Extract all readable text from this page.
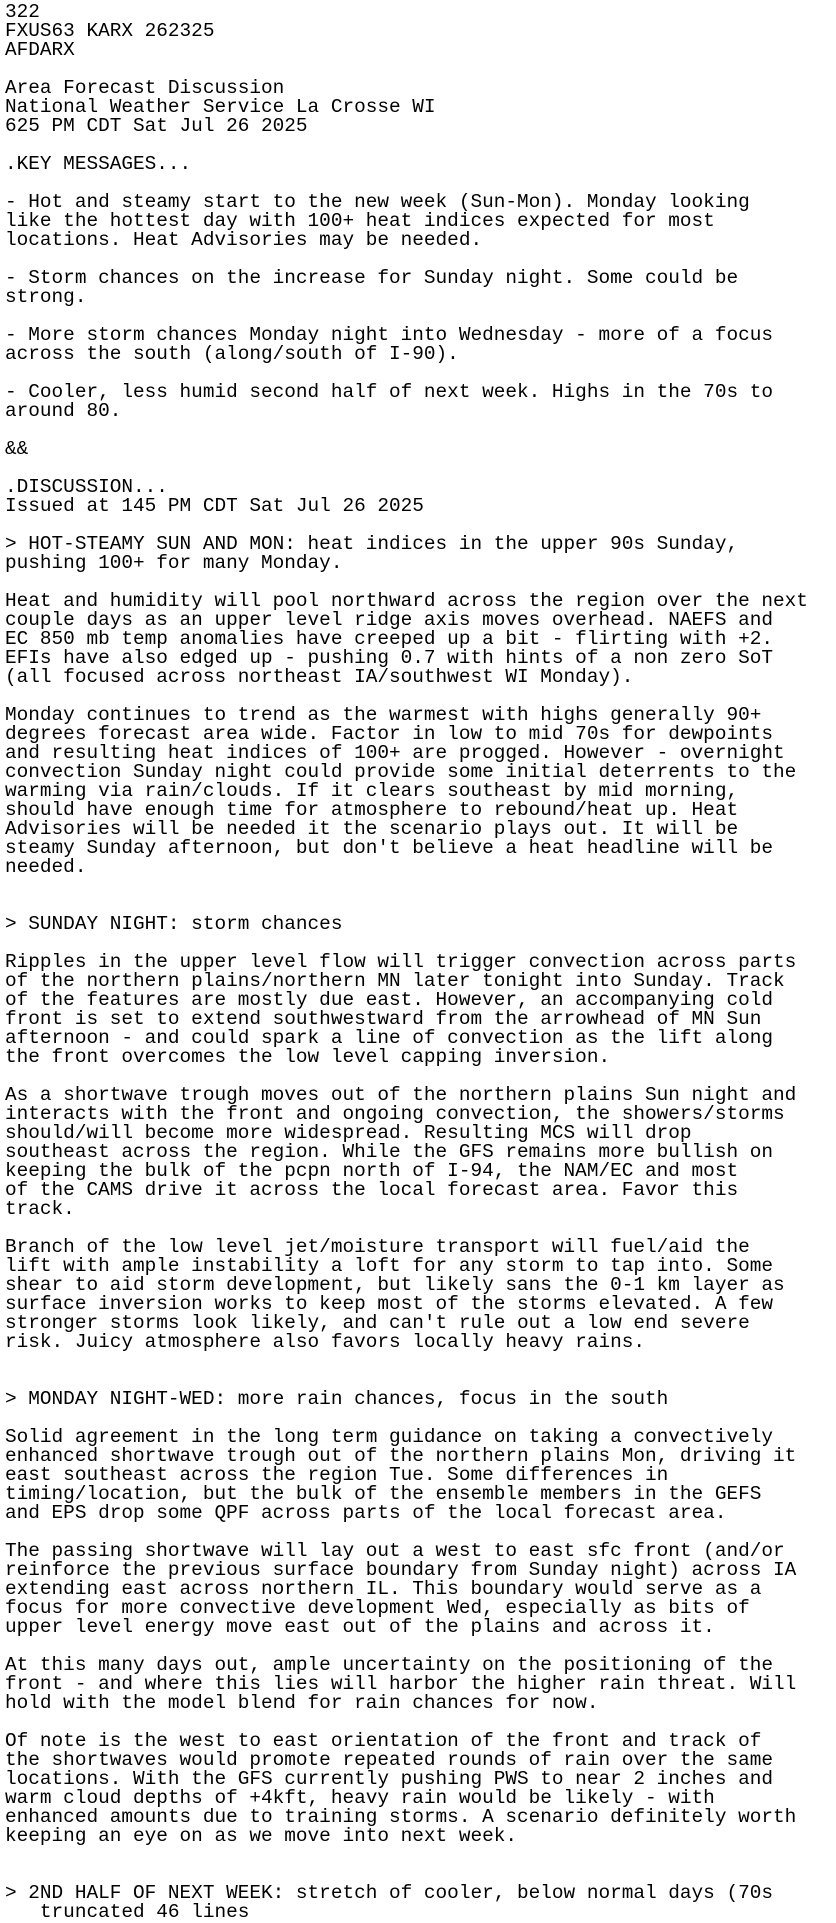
322
FXUS63 KARX 262325
AFDARX
Area Forecast Discussion
National Weather Service La Crosse WI
625 PM CDT Sat Jul 26 2025
.KEY MESSAGES...
- Hot and steamy start to the new week (Sun-Mon). Monday looking
like the hottest day with 100+ heat indices expected for most
locations. Heat Advisories may be needed.
- Storm chances on the increase for Sunday night. Some could be
strong.
- More storm chances Monday night into Wednesday - more of a focus
across the south (along/south of I-90).
- Cooler, less humid second half of next week. Highs in the 70s to
around 80.
&&
.DISCUSSION...
Issued at 145 PM CDT Sat Jul 26 2025
> HOT-STEAMY SUN AND MON: heat indices in the upper 90s Sunday,
pushing 100+ for many Monday.
Heat and humidity will pool northward across the region over the next
couple days as an upper level ridge axis moves overhead. NAEFS and
EC 850 mb temp anomalies have creeped up a bit - flirting with +2.
EFIs have also edged up - pushing 0.7 with hints of a non zero SoT
(all focused across northeast IA/southwest WI Monday).
Monday continues to trend as the warmest with highs generally 90+
degrees forecast area wide. Factor in low to mid 70s for dewpoints
and resulting heat indices of 100+ are progged. However - overnight
convection Sunday night could provide some initial deterrents to the
warming via rain/clouds. If it clears southeast by mid morning,
should have enough time for atmosphere to rebound/heat up. Heat
Advisories will be needed it the scenario plays out. It will be
steamy Sunday afternoon, but don't believe a heat headline will be
needed.
> SUNDAY NIGHT: storm chances
Ripples in the upper level flow will trigger convection across parts
of the northern plains/northern MN later tonight into Sunday. Track
of the features are mostly due east. However, an accompanying cold
front is set to extend southwestward from the arrowhead of MN Sun
afternoon - and could spark a line of convection as the lift along
the front overcomes the low level capping inversion.
As a shortwave trough moves out of the northern plains Sun night and
interacts with the front and ongoing convection, the showers/storms
should/will become more widespread. Resulting MCS will drop
southeast across the region. While the GFS remains more bullish on
keeping the bulk of the pcpn north of I-94, the NAM/EC and most
of the CAMS drive it across the local forecast area. Favor this
track.
Branch of the low level jet/moisture transport will fuel/aid the
lift with ample instability a loft for any storm to tap into. Some
shear to aid storm development, but likely sans the 0-1 km layer as
surface inversion works to keep most of the storms elevated. A few
stronger storms look likely, and can't rule out a low end severe
risk. Juicy atmosphere also favors locally heavy rains.
> MONDAY NIGHT-WED: more rain chances, focus in the south
Solid agreement in the long term guidance on taking a convectively
enhanced shortwave trough out of the northern plains Mon, driving it
east southeast across the region Tue. Some differences in
timing/location, but the bulk of the ensemble members in the GEFS
and EPS drop some QPF across parts of the local forecast area.
The passing shortwave will lay out a west to east sfc front (and/or
reinforce the previous surface boundary from Sunday night) across IA
extending east across northern IL. This boundary would serve as a
focus for more convective development Wed, especially as bits of
upper level energy move east out of the plains and across it.
At this many days out, ample uncertainty on the positioning of the
front - and where this lies will harbor the higher rain threat. Will
hold with the model blend for rain chances for now.
Of note is the west to east orientation of the front and track of
the shortwaves would promote repeated rounds of rain over the same
locations. With the GFS currently pushing PWS to near 2 inches and
warm cloud depths of +4kft, heavy rain would be likely - with
enhanced amounts due to training storms. A scenario definitely worth
keeping an eye on as we move into next week.
> 2ND HALF OF NEXT WEEK: stretch of cooler, below normal days (70s
truncated 46 lines
